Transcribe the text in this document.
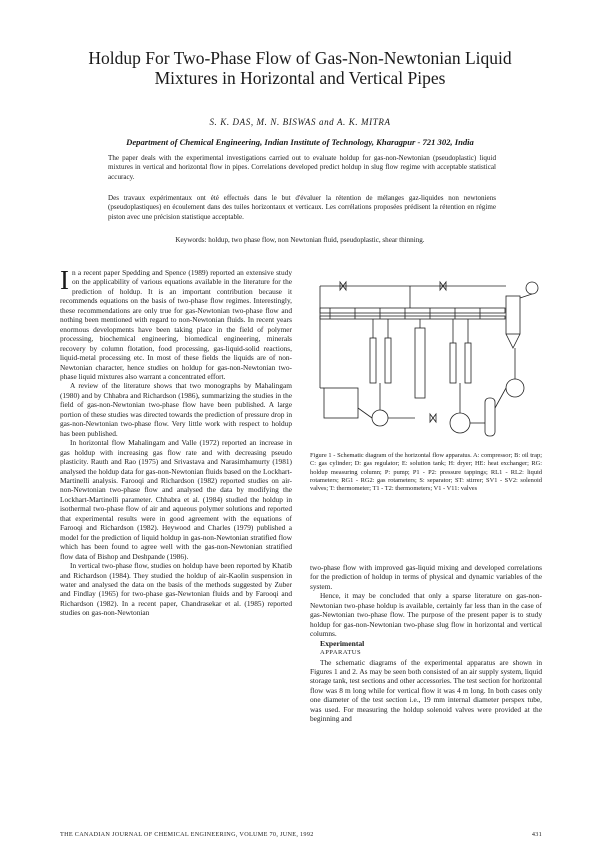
Holdup For Two-Phase Flow of Gas-Non-Newtonian Liquid
Mixtures in Horizontal and Vertical Pipes
S. K. DAS, M. N. BISWAS and A. K. MITRA
Department of Chemical Engineering, Indian Institute of Technology, Kharagpur - 721 302, India
The paper deals with the experimental investigations carried out to evaluate holdup for gas-non-Newtonian (pseudoplastic) liquid mixtures in vertical and horizontal flow in pipes. Correlations developed predict holdup in slug flow regime with acceptable statistical accuracy.
Des travaux expérimentaux ont été effectués dans le but d'évaluer la rétention de mélanges gaz-liquides non newtoniens (pseudoplastiques) en écoulement dans des tuiles horizontaux et verticaux. Les corrélations proposées prédisent la rétention en régime piston avec une précision statistique acceptable.
Keywords: holdup, two phase flow, non Newtonian fluid, pseudoplastic, shear thinning.

In a recent paper Spedding and Spence (1989) reported an extensive study on the applicability of various equations available in the literature for the prediction of holdup. It is an important contribution because it recommends equations on the basis of two-phase flow regimes. Interestingly, these recommendations are only true for gas-Newtonian two-phase flow and nothing been mentioned with regard to non-Newtonian fluids. In recent years enormous developments have been taking place in the field of polymer processing, biochemical engineering, biomedical engineering, minerals recovery by column flotation, food processing, gas-liquid-solid reactions, liquid-metal processing etc. In most of these fields the liquids are of non-Newtonian character, hence studies on holdup for gas-non-Newtonian two-phase liquid mixtures also warrant a concentrated effort.

A review of the literature shows that two monographs by Mahalingam (1980) and by Chhabra and Richardson (1986), summarizing the studies in the field of gas-non-Newtonian two-phase flow have been published. A large portion of these studies was directed towards the prediction of pressure drop in gas-non-Newtonian two-phase flow. Very little work with respect to holdup has been published.

In horizontal flow Mahalingam and Valle (1972) reported an increase in gas holdup with increasing gas flow rate and with decreasing pseudo plasticity. Rauth and Rao (1975) and Srivastava and Narasimhamurty (1981) analysed the holdup data for gas-non-Newtonian fluids based on the Lockhart-Martinelli analysis. Farooqi and Richardson (1982) reported studies on air-non-Newtonian two-phase flow and analysed the data by modifying the Lockhart-Martinelli parameter. Chhabra et al. (1984) studied the holdup in isothermal two-phase flow of air and aqueous polymer solutions and reported that experimental results were in good agreement with the equations of Farooqi and Richardson (1982). Heywood and Charles (1979) published a model for the prediction of liquid holdup in gas-non-Newtonian stratified flow which has been found to agree well with the gas-non-Newtonian stratified flow data of Bishop and Deshpande (1986).

In vertical two-phase flow, studies on holdup have been reported by Khatib and Richardson (1984). They studied the holdup of air-Kaolin suspension in water and analysed the data on the basis of the methods suggested by Zuber and Findlay (1965) for two-phase gas-Newtonian fluids and by Farooqi and Richardson (1982). In a recent paper, Chandrasekar et al. (1985) reported studies on gas-non-Newtonian

Figure 1 - Schematic diagram of the horizontal flow apparatus. A: compressor; B: oil trap; C: gas cylinder; D: gas regulator; E: solution tank; H: dryer; HE: heat exchanger; RG: holdup measuring column; P: pump; P1 - P2: pressure tappings; RL1 - RL2: liquid rotameters; RG1 - RG2: gas rotameters; S: separator; ST: stirrer; SV1 - SV2: solenoid valves; T: thermometer; T1 - T2: thermometers; V1 - V11: valves

two-phase flow with improved gas-liquid mixing and developed correlations for the prediction of holdup in terms of physical and dynamic variables of the system.

Hence, it may be concluded that only a sparse literature on gas-non-Newtonian two-phase holdup is available, certainly far less than in the case of gas-Newtonian two-phase flow. The purpose of the present paper is to study holdup for gas-non-Newtonian two-phase slug flow in horizontal and vertical columns.

Experimental

APPARATUS

The schematic diagrams of the experimental apparatus are shown in Figures 1 and 2. As may be seen both consisted of an air supply system, liquid storage tank, test sections and other accessories. The test section for horizontal flow was 8 m long while for vertical flow it was 4 m long. In both cases only one diameter of the test section i.e., 19 mm internal diameter perspex tube, was used. For measuring the holdup solenoid valves were provided at the beginning and

THE CANADIAN JOURNAL OF CHEMICAL ENGINEERING, VOLUME 70, JUNE, 1992	431
